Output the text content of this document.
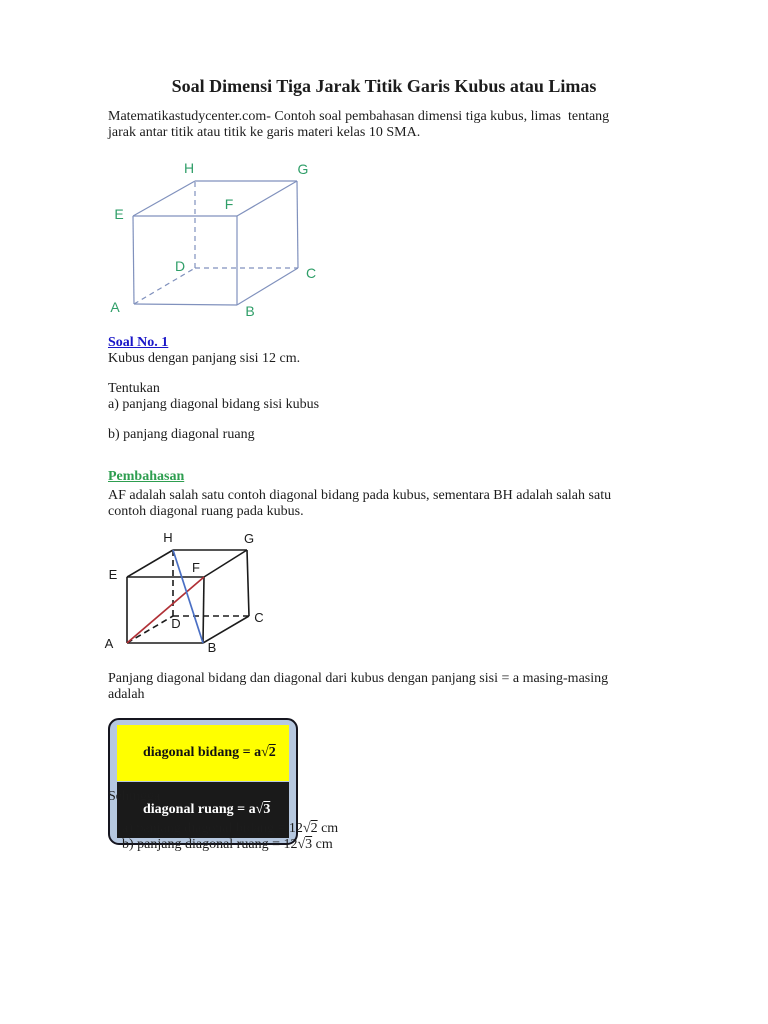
Soal Dimensi Tiga Jarak Titik Garis Kubus atau Limas
Matematikastudycenter.com- Contoh soal pembahasan dimensi tiga kubus, limas  tentang
jarak antar titik atau titik ke garis materi kelas 10 SMA.
A	B
C
D
E
F
G
H
Soal No. 1
Kubus dengan panjang sisi 12 cm.
Tentukan
a) panjang diagonal bidang sisi kubus
b) panjang diagonal ruang
Pembahasan
AF adalah salah satu contoh diagonal bidang pada kubus, sementara BH adalah salah satu
contoh diagonal ruang pada kubus.
A	B
C
D
E	F
G
H
Panjang diagonal bidang dan diagonal dari kubus dengan panjang sisi = a masing-masing
adalah

diagonal bidang = a√2

diagonal ruang = a√3

Sehingga

a) panjang diagonal bidang = 12√2 cm

b) panjang diagonal ruang = 12√3 cm
